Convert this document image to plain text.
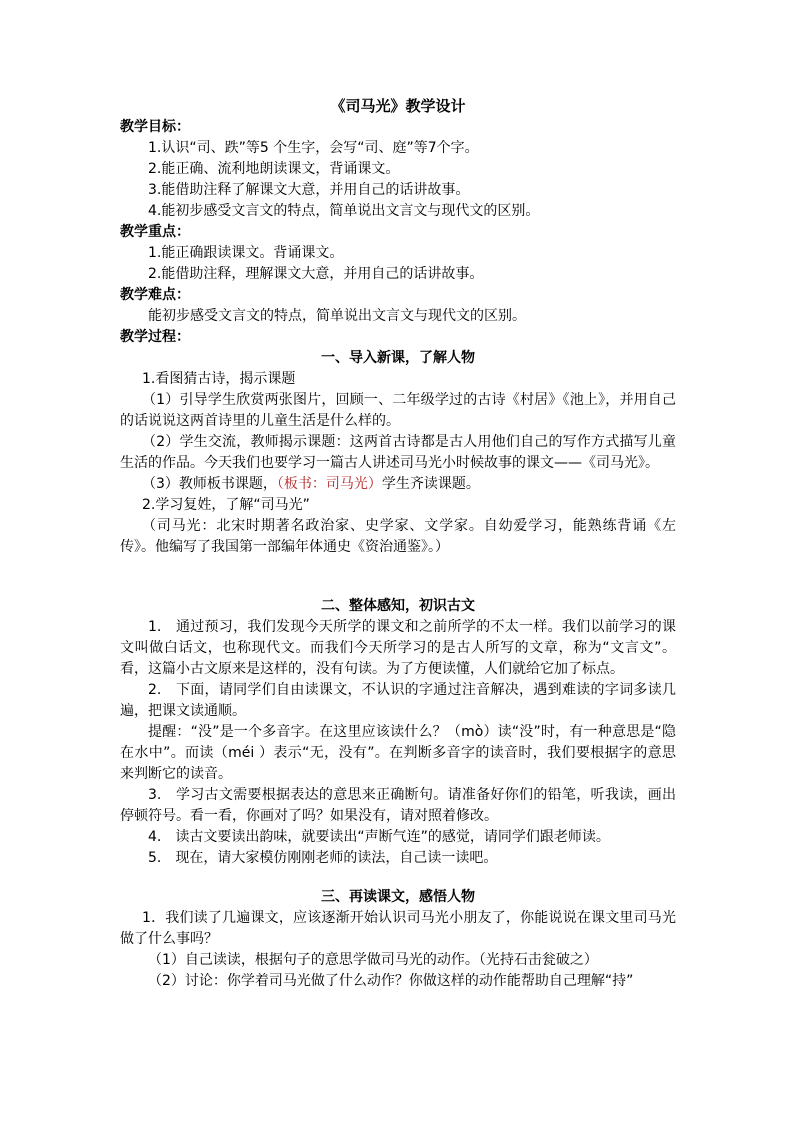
《司马光》教学设计
教学目标：
1.认识“司、跌”等5 个生字，会写“司、庭”等7个字。
2.能正确、流利地朗读课文，背诵课文。
3.能借助注释了解课文大意，并用自己的话讲故事。
4.能初步感受文言文的特点，简单说出文言文与现代文的区别。
教学重点：
1.能正确跟读课文。背诵课文。
2.能借助注释，理解课文大意，并用自己的话讲故事。
教学难点：
能初步感受文言文的特点，简单说出文言文与现代文的区别。
教学过程：
一、导入新课，了解人物
1.看图猜古诗，揭示课题

（1）引导学生欣赏两张图片，回顾一、二年级学过的古诗《村居》《池上》，并用自己的话说说这两首诗里的儿童生活是什么样的。

（2）学生交流，教师揭示课题：这两首古诗都是古人用他们自己的写作方式描写儿童生活的作品。今天我们也要学习一篇古人讲述司马光小时候故事的课文——《司马光》。

（3）教师板书课题，（板书：司马光）学生齐读课题。

2.学习复姓，了解“司马光”

（司马光：北宋时期著名政治家、史学家、文学家。自幼爱学习，能熟练背诵《左传》。他编写了我国第一部编年体通史《资治通鉴》。）

二、整体感知，初识古文

1.　通过预习，我们发现今天所学的课文和之前所学的不太一样。我们以前学习的课文叫做白话文，也称现代文。而我们今天所学习的是古人所写的文章，称为“文言文”。看，这篇小古文原来是这样的，没有句读。为了方便读懂，人们就给它加了标点。

2.　下面，请同学们自由读课文，不认识的字通过注音解决，遇到难读的字词多读几遍，把课文读通顺。

提醒：“没”是一个多音字。在这里应该读什么？（mò）读“没”时，有一种意思是“隐在水中”。而读（méi ）表示“无，没有”。在判断多音字的读音时，我们要根据字的意思来判断它的读音。

3.　学习古文需要根据表达的意思来正确断句。请准备好你们的铅笔，听我读，画出停顿符号。看一看，你画对了吗？如果没有，请对照着修改。

4.　读古文要读出韵味，就要读出“声断气连”的感觉，请同学们跟老师读。

5.　现在，请大家模仿刚刚老师的读法，自己读一读吧。

三、再读课文，感悟人物

1．我们读了几遍课文，应该逐渐开始认识司马光小朋友了，你能说说在课文里司马光做了什么事吗？

（1）自己读读，根据句子的意思学做司马光的动作。（光持石击瓮破之）

（2）讨论：你学着司马光做了什么动作？你做这样的动作能帮助自己理解“持”
